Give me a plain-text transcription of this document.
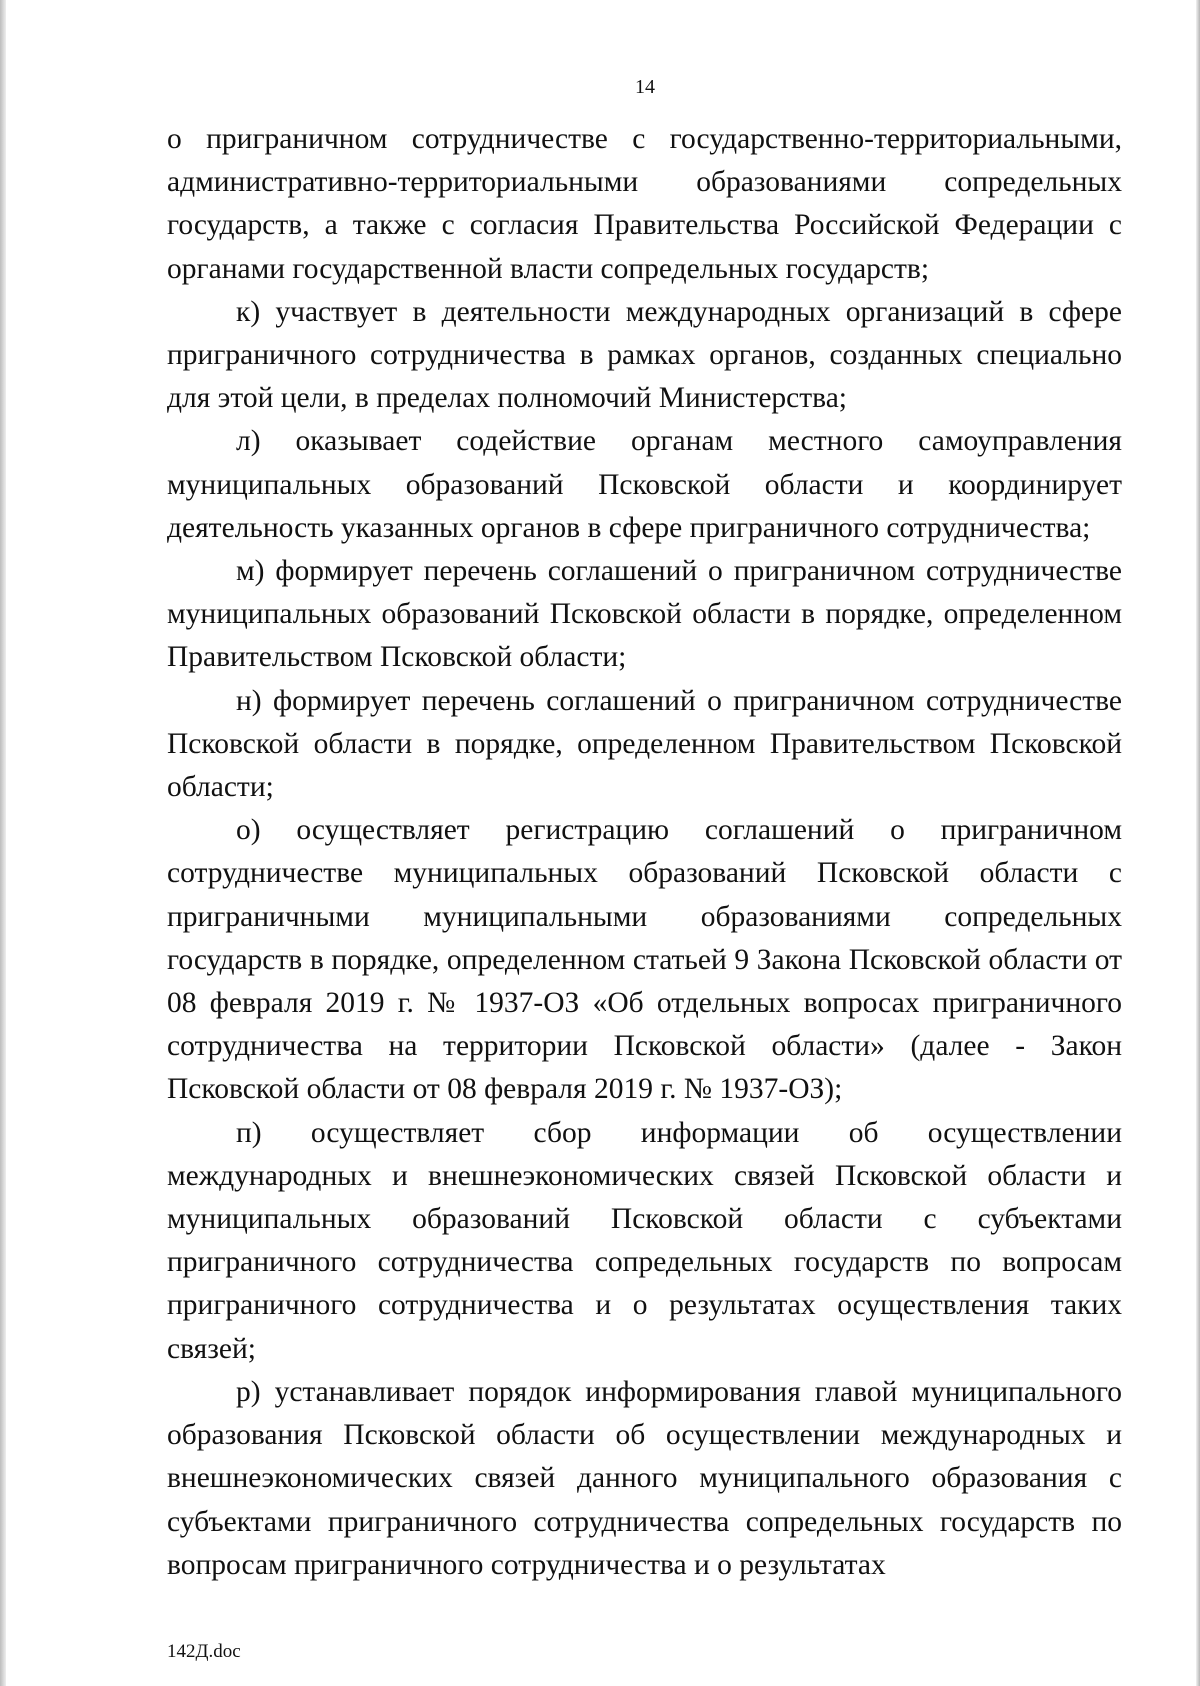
14

о приграничном сотрудничестве с государственно-территориальными, административно-территориальными образованиями сопредельных государств, а также с согласия Правительства Российской Федерации с органами государственной власти сопредельных государств;

к) участвует в деятельности международных организаций в сфере приграничного сотрудничества в рамках органов, созданных специально для этой цели, в пределах полномочий Министерства;

л) оказывает содействие органам местного самоуправления муниципальных образований Псковской области и координирует деятельность указанных органов в сфере приграничного сотрудничества;

м) формирует перечень соглашений о приграничном сотрудничестве муниципальных образований Псковской области в порядке, определенном Правительством Псковской области;

н) формирует перечень соглашений о приграничном сотрудничестве Псковской области в порядке, определенном Правительством Псковской области;

о) осуществляет регистрацию соглашений о приграничном сотрудничестве муниципальных образований Псковской области с приграничными муниципальными образованиями сопредельных государств в порядке, определенном статьей 9 Закона Псковской области от 08 февраля 2019 г. № 1937-ОЗ «Об отдельных вопросах приграничного сотрудничества на территории Псковской области» (далее - Закон Псковской области от 08 февраля 2019 г. № 1937-ОЗ);

п) осуществляет сбор информации об осуществлении международных и внешнеэкономических связей Псковской области и муниципальных образований Псковской области с субъектами приграничного сотрудничества сопредельных государств по вопросам приграничного сотрудничества и о результатах осуществления таких связей;

р) устанавливает порядок информирования главой муниципального образования Псковской области об осуществлении международных и внешнеэкономических связей данного муниципального образования с субъектами приграничного сотрудничества сопредельных государств по вопросам приграничного сотрудничества и о результатах

142Д.doc
